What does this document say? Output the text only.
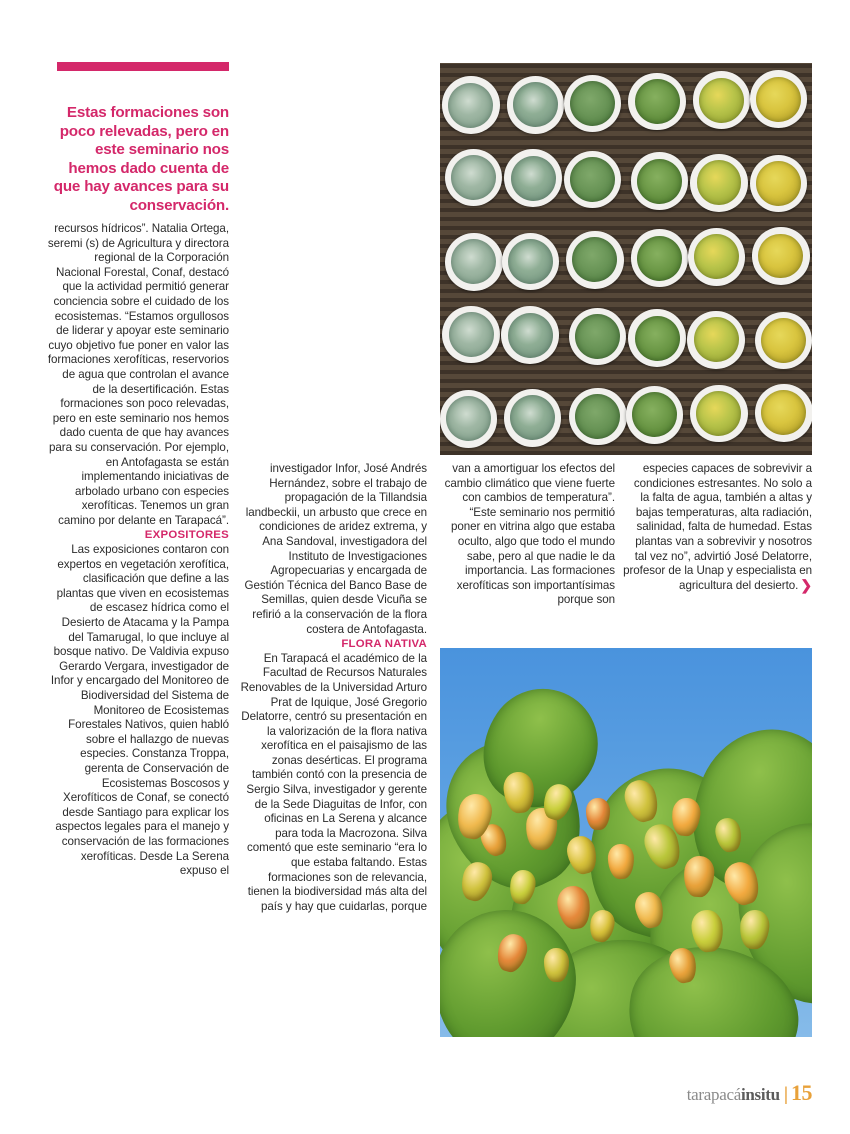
Estas formaciones son poco relevadas, pero en este seminario nos hemos dado cuenta de que hay avances para su conservación.

recursos hídricos”. Natalia Ortega, seremi (s) de Agricultura y directora regional de la Corporación Nacional Forestal, Conaf, destacó que la actividad permitió generar conciencia sobre el cuidado de los ecosistemas. “Estamos orgullosos de liderar y apoyar este seminario cuyo objetivo fue poner en valor las formaciones xerofíticas, reservorios de agua que controlan el avance de la desertificación. Estas formaciones son poco relevadas, pero en este seminario nos hemos dado cuenta de que hay avances para su conservación. Por ejemplo, en Antofagasta se están implementando iniciativas de arbolado urbano con especies xerofíticas. Tenemos un gran camino por delante en Tarapacá”.

EXPOSITORES

Las exposiciones contaron con expertos en vegetación xerofítica, clasificación que define a las plantas que viven en ecosistemas de escasez hídrica como el Desierto de Atacama y la Pampa del Tamarugal, lo que incluye al bosque nativo. De Valdivia expuso Gerardo Vergara, investigador de Infor y encargado del Monitoreo de Biodiversidad del Sistema de Monitoreo de Ecosistemas Forestales Nativos, quien habló sobre el hallazgo de nuevas especies. Constanza Troppa, gerenta de Conservación de Ecosistemas Boscosos y Xerofíticos de Conaf, se conectó desde Santiago para explicar los aspectos legales para el manejo y conservación de las formaciones xerofíticas. Desde La Serena expuso el

investigador Infor, José Andrés Hernández, sobre el trabajo de propagación de la Tillandsia landbeckii, un arbusto que crece en condiciones de aridez extrema, y Ana Sandoval, investigadora del Instituto de Investigaciones Agropecuarias y encargada de Gestión Técnica del Banco Base de Semillas, quien desde Vicuña se refirió a la conservación de la flora costera de Antofagasta.

FLORA NATIVA

En Tarapacá el académico de la Facultad de Recursos Naturales Renovables de la Universidad Arturo Prat de Iquique, José Gregorio Delatorre, centró su presentación en la valorización de la flora nativa xerofítica en el paisajismo de las zonas desérticas. El programa también contó con la presencia de Sergio Silva, investigador y gerente de la Sede Diaguitas de Infor, con oficinas en La Serena y alcance para toda la Macrozona. Silva comentó que este seminario “era lo que estaba faltando. Estas formaciones son de relevancia, tienen la biodiversidad más alta del país y hay que cuidarlas, porque

van a amortiguar los efectos del cambio climático que viene fuerte con cambios de temperatura”. “Este seminario nos permitió poner en vitrina algo que estaba oculto, algo que todo el mundo sabe, pero al que nadie le da importancia. Las formaciones xerofíticas son importantísimas porque son

especies capaces de sobrevivir a condiciones estresantes. No solo a la falta de agua, también a altas y bajas temperaturas, alta radiación, salinidad, falta de humedad. Estas plantas van a sobrevivir y nosotros tal vez no”, advirtió José Delatorre, profesor de la Unap y especialista en agricultura del desierto. ❯

tarapacá insitu | 15
